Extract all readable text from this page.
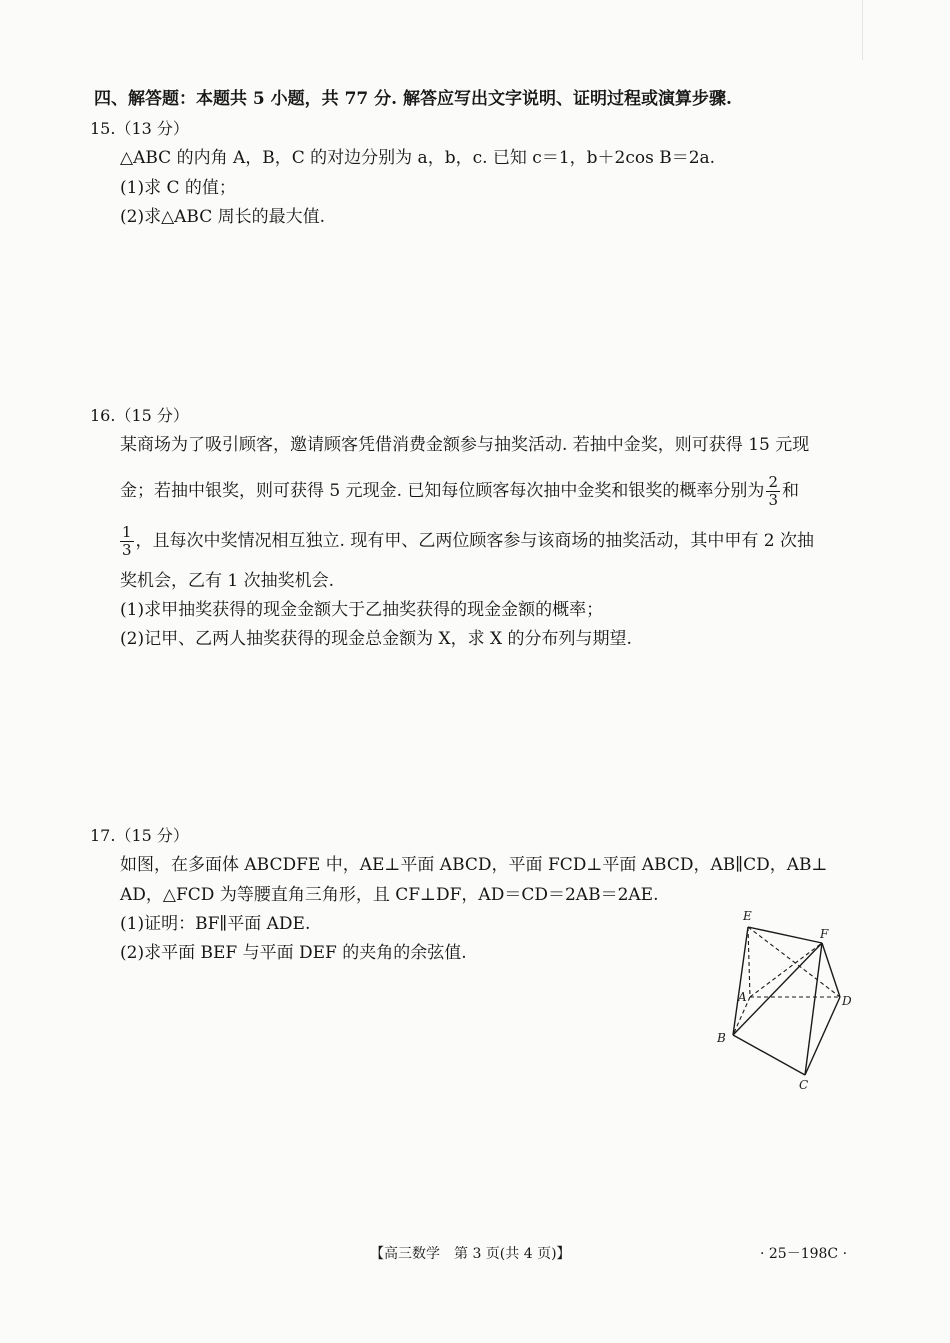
四、解答题：本题共 5 小题，共 77 分. 解答应写出文字说明、证明过程或演算步骤.
15.（13 分）
△ABC 的内角 A，B，C 的对边分别为 a，b，c. 已知 c＝1，b＋2cos B＝2a.
(1)求 C 的值；
(2)求△ABC 周长的最大值.
16.（15 分）
某商场为了吸引顾客，邀请顾客凭借消费金额参与抽奖活动. 若抽中金奖，则可获得 15 元现
金；若抽中银奖，则可获得 5 元现金. 已知每位顾客每次抽中金奖和银奖的概率分别为 $\frac{2}{3}$ 和
$\frac{1}{3}$ ，且每次中奖情况相互独立. 现有甲、乙两位顾客参与该商场的抽奖活动，其中甲有 2 次抽
奖机会，乙有 1 次抽奖机会.
(1)求甲抽奖获得的现金金额大于乙抽奖获得的现金金额的概率；
(2)记甲、乙两人抽奖获得的现金总金额为 X，求 X 的分布列与期望.
17.（15 分）
如图，在多面体 ABCDFE 中，AE⊥平面 ABCD，平面 FCD⊥平面 ABCD，AB∥CD，AB⊥
AD，△FCD 为等腰直角三角形，且 CF⊥DF，AD＝CD＝2AB＝2AE.
(1)证明：BF∥平面 ADE.
(2)求平面 BEF 与平面 DEF 的夹角的余弦值.
E
F
A	D
B
C
【高三数学　第 3 页(共 4 页)】	· 25－198C ·
